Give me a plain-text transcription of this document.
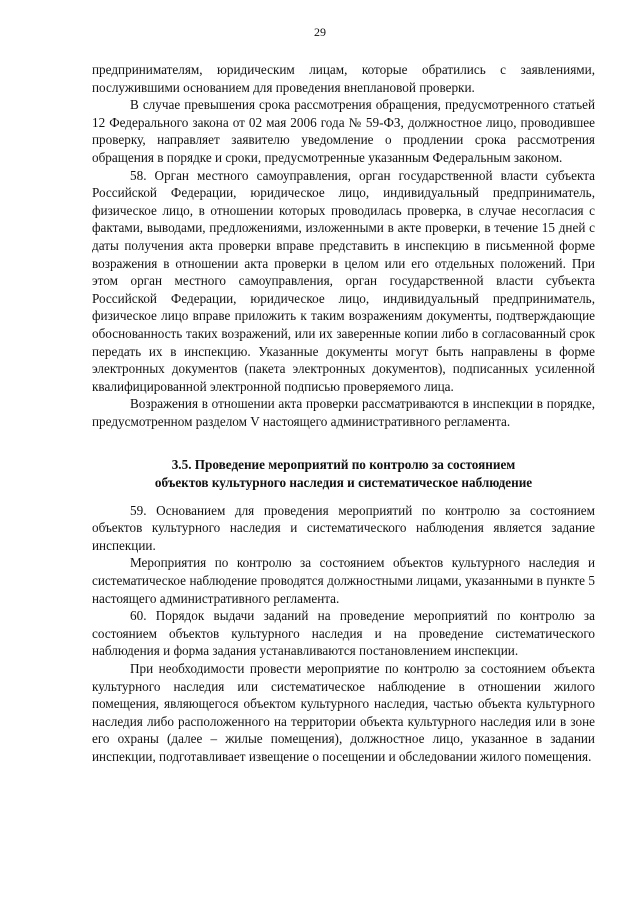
29

предпринимателям, юридическим лицам, которые обратились с заявлениями, послужившими основанием для проведения внеплановой проверки.

В случае превышения срока рассмотрения обращения, предусмотренного статьей 12 Федерального закона от 02 мая 2006 года № 59-ФЗ, должностное лицо, проводившее проверку, направляет заявителю уведомление о продлении срока рассмотрения обращения в порядке и сроки, предусмотренные указанным Федеральным законом.

58. Орган местного самоуправления, орган государственной власти субъекта Российской Федерации, юридическое лицо, индивидуальный предприниматель, физическое лицо, в отношении которых проводилась проверка, в случае несогласия с фактами, выводами, предложениями, изложенными в акте проверки, в течение 15 дней с даты получения акта проверки вправе представить в инспекцию в письменной форме возражения в отношении акта проверки в целом или его отдельных положений. При этом орган местного самоуправления, орган государственной власти субъекта Российской Федерации, юридическое лицо, индивидуальный предприниматель, физическое лицо вправе приложить к таким возражениям документы, подтверждающие обоснованность таких возражений, или их заверенные копии либо в согласованный срок передать их в инспекцию. Указанные документы могут быть направлены в форме электронных документов (пакета электронных документов), подписанных усиленной квалифицированной электронной подписью проверяемого лица.

Возражения в отношении акта проверки рассматриваются в инспекции в порядке, предусмотренном разделом V настоящего административного регламента.

3.5. Проведение мероприятий по контролю за состоянием
объектов культурного наследия и систематическое наблюдение

59. Основанием для проведения мероприятий по контролю за состоянием объектов культурного наследия и систематического наблюдения является задание инспекции.

Мероприятия по контролю за состоянием объектов культурного наследия и систематическое наблюдение проводятся должностными лицами, указанными в пункте 5 настоящего административного регламента.

60. Порядок выдачи заданий на проведение мероприятий по контролю за состоянием объектов культурного наследия и на проведение систематического наблюдения и форма задания устанавливаются постановлением инспекции.

При необходимости провести мероприятие по контролю за состоянием объекта культурного наследия или систематическое наблюдение в отношении жилого помещения, являющегося объектом культурного наследия, частью объекта культурного наследия либо расположенного на территории объекта культурного наследия или в зоне его охраны (далее – жилые помещения), должностное лицо, указанное в задании инспекции, подготавливает извещение о посещении и обследовании жилого помещения.
